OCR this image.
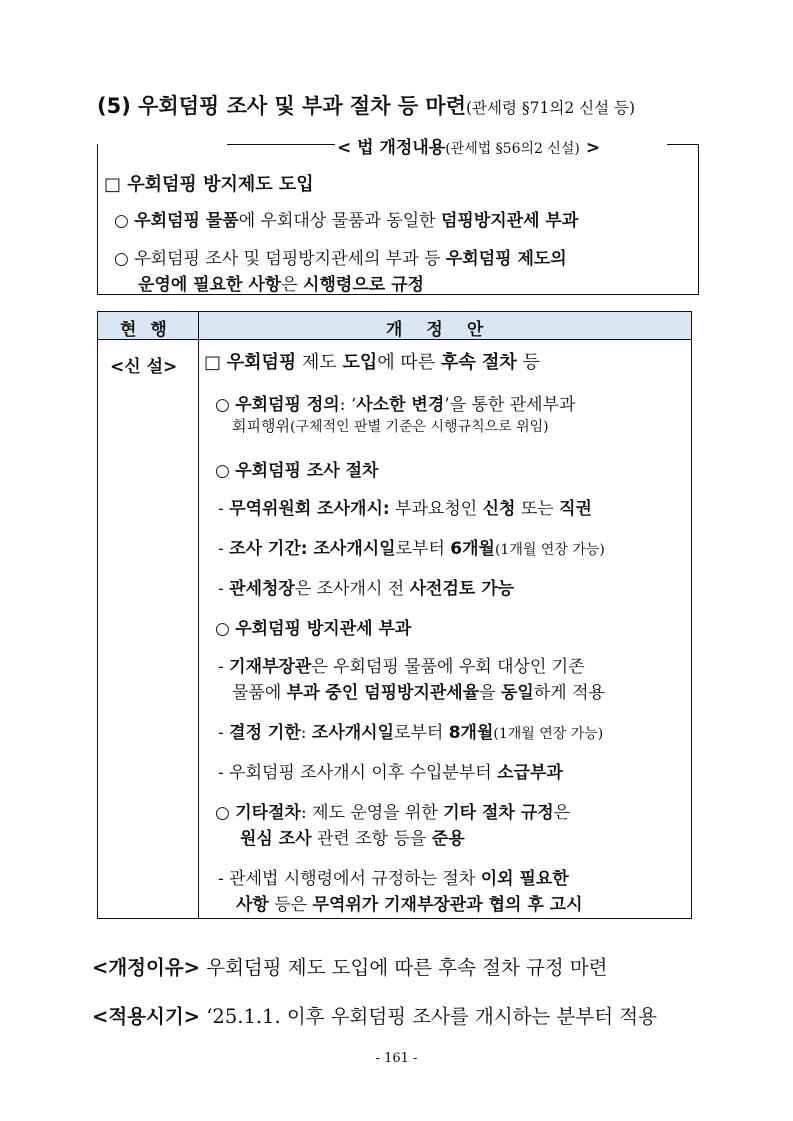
(5) 우회덤핑 조사 및 부과 절차 등 마련(관세령 §71의2 신설 등)
< 법 개정내용(관세법 §56의2 신설) >
□ 우회덤핑 방지제도 도입
○ 우회덤핑 물품에 우회대상 물품과 동일한 덤핑방지관세 부과
○ 우회덤핑 조사 및 덤핑방지관세의 부과 등 우회덤핑 제도의
운영에 필요한 사항은 시행령으로 규정
현행	개정안
<신 설> □ 우회덤핑 제도 도입에 따른 후속 절차 등
○ 우회덤핑 정의: ‘사소한 변경’을 통한 관세부과
회피행위(구체적인 판별 기준은 시행규칙으로 위임)
○ 우회덤핑 조사 절차
- 무역위원회 조사개시: 부과요청인 신청 또는 직권
- 조사 기간: 조사개시일로부터 6개월(1개월 연장 가능)
- 관세청장은 조사개시 전 사전검토 가능
○ 우회덤핑 방지관세 부과
- 기재부장관은 우회덤핑 물품에 우회 대상인 기존
물품에 부과 중인 덤핑방지관세율을 동일하게 적용
- 결정 기한: 조사개시일로부터 8개월(1개월 연장 가능)
- 우회덤핑 조사개시 이후 수입분부터 소급부과
○ 기타절차: 제도 운영을 위한 기타 절차 규정은
원심 조사 관련 조항 등을 준용
- 관세법 시행령에서 규정하는 절차 이외 필요한
사항 등은 무역위가 기재부장관과 협의 후 고시
<개정이유> 우회덤핑 제도 도입에 따른 후속 절차 규정 마련
<적용시기> ‘25.1.1. 이후 우회덤핑 조사를 개시하는 분부터 적용
- 161 -
